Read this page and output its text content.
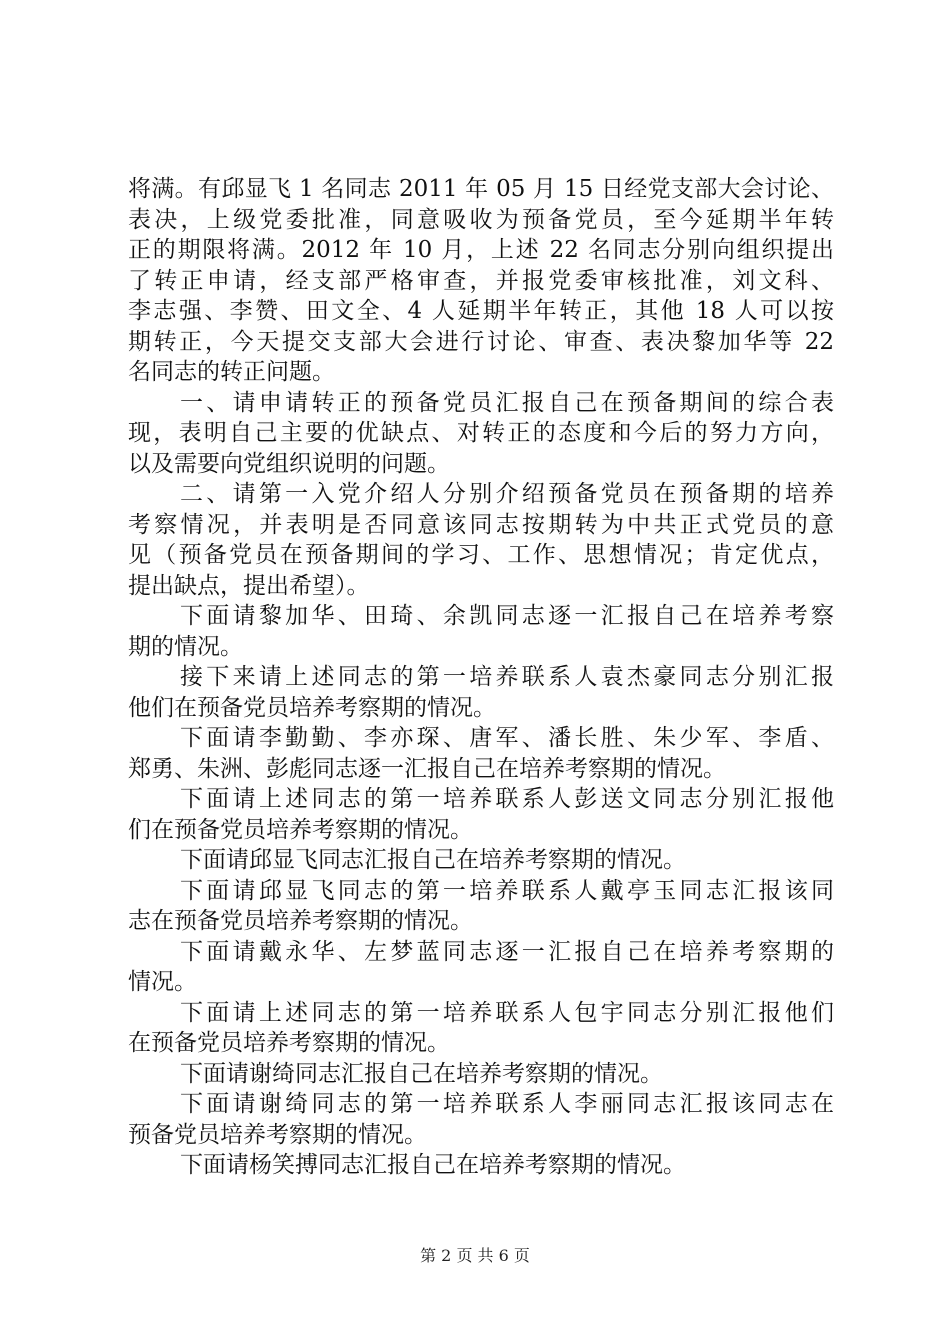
将满。有邱显飞 1 名同志 2011 年 05 月 15 日经党支部大会讨论、
表决，上级党委批准，同意吸收为预备党员，至今延期半年转
正的期限将满。2012 年 10 月，上述 22 名同志分别向组织提出
了转正申请，经支部严格审查，并报党委审核批准，刘文科、
李志强、李赞、田文全、4 人延期半年转正，其他 18 人可以按
期转正，今天提交支部大会进行讨论、审查、表决黎加华等 22
名同志的转正问题。
一、请申请转正的预备党员汇报自己在预备期间的综合表
现，表明自己主要的优缺点、对转正的态度和今后的努力方向，
以及需要向党组织说明的问题。
二、请第一入党介绍人分别介绍预备党员在预备期的培养
考察情况，并表明是否同意该同志按期转为中共正式党员的意
见（预备党员在预备期间的学习、工作、思想情况；肯定优点，
提出缺点，提出希望）。
下面请黎加华、田琦、余凯同志逐一汇报自己在培养考察
期的情况。
接下来请上述同志的第一培养联系人袁杰豪同志分别汇报
他们在预备党员培养考察期的情况。
下面请李勤勤、李亦琛、唐军、潘长胜、朱少军、李盾、
郑勇、朱洲、彭彪同志逐一汇报自己在培养考察期的情况。
下面请上述同志的第一培养联系人彭送文同志分别汇报他
们在预备党员培养考察期的情况。
下面请邱显飞同志汇报自己在培养考察期的情况。
下面请邱显飞同志的第一培养联系人戴亭玉同志汇报该同
志在预备党员培养考察期的情况。
下面请戴永华、左梦蓝同志逐一汇报自己在培养考察期的
情况。
下面请上述同志的第一培养联系人包宇同志分别汇报他们
在预备党员培养考察期的情况。
下面请谢绮同志汇报自己在培养考察期的情况。
下面请谢绮同志的第一培养联系人李丽同志汇报该同志在
预备党员培养考察期的情况。
下面请杨笑搏同志汇报自己在培养考察期的情况。
第 2 页 共 6 页
